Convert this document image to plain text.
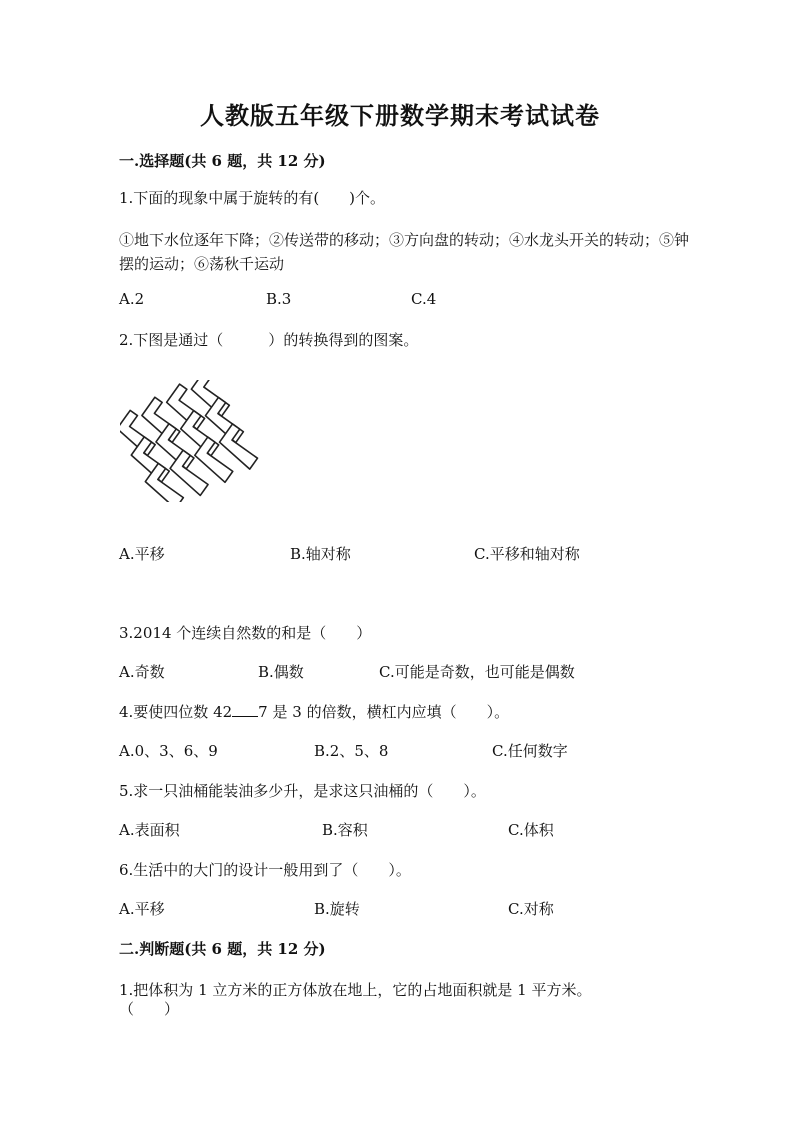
人教版五年级下册数学期末考试试卷
一.选择题(共 6 题，共 12 分)
1.下面的现象中属于旋转的有(　　)个。
①地下水位逐年下降；②传送带的移动；③方向盘的转动；④水龙头开关的转动；⑤钟摆的运动；⑥荡秋千运动
A.2	B.3	C.4
2.下图是通过（　　　）的转换得到的图案。
A.平移	B.轴对称	C.平移和轴对称
3.2014 个连续自然数的和是（　　）
A.奇数	B.偶数	C.可能是奇数，也可能是偶数
4.要使四位数 42 7 是 3 的倍数，横杠内应填（　　）。
A.0、3、6、9	B.2、5、8	C.任何数字
5.求一只油桶能装油多少升，是求这只油桶的（　　）。
A.表面积	B.容积	C.体积
6.生活中的大门的设计一般用到了（　　）。
A.平移	B.旋转	C.对称
二.判断题(共 6 题，共 12 分)
1.把体积为 1 立方米的正方体放在地上，它的占地面积就是 1 平方米。
（　　）
